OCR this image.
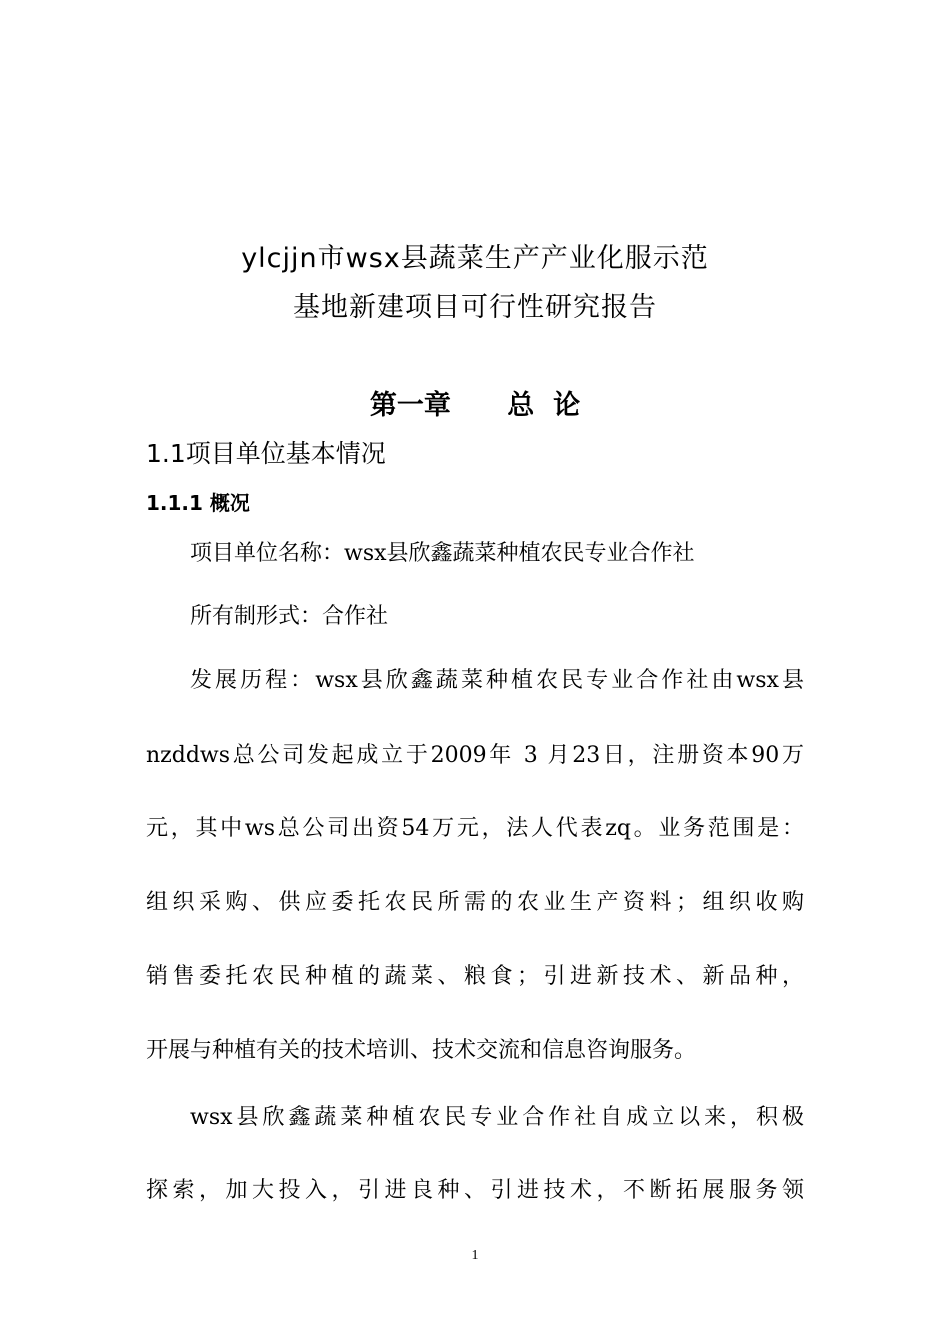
ylcjjn市wsx县蔬菜生产产业化服示范
基地新建项目可行性研究报告
第一章      总  论
1.1项目单位基本情况
1.1.1 概况
项目单位名称：wsx县欣鑫蔬菜种植农民专业合作社
所有制形式：合作社
发展历程：wsx县欣鑫蔬菜种植农民专业合作社由wsx县
nzddws总公司发起成立于2009年 3 月23日，注册资本90万
元，其中ws总公司出资54万元，法人代表zq。业务范围是：
组织采购、供应委托农民所需的农业生产资料；组织收购
销售委托农民种植的蔬菜、粮食；引进新技术、新品种，
开展与种植有关的技术培训、技术交流和信息咨询服务。
wsx县欣鑫蔬菜种植农民专业合作社自成立以来，积极
探索，加大投入，引进良种、引进技术，不断拓展服务领
1
